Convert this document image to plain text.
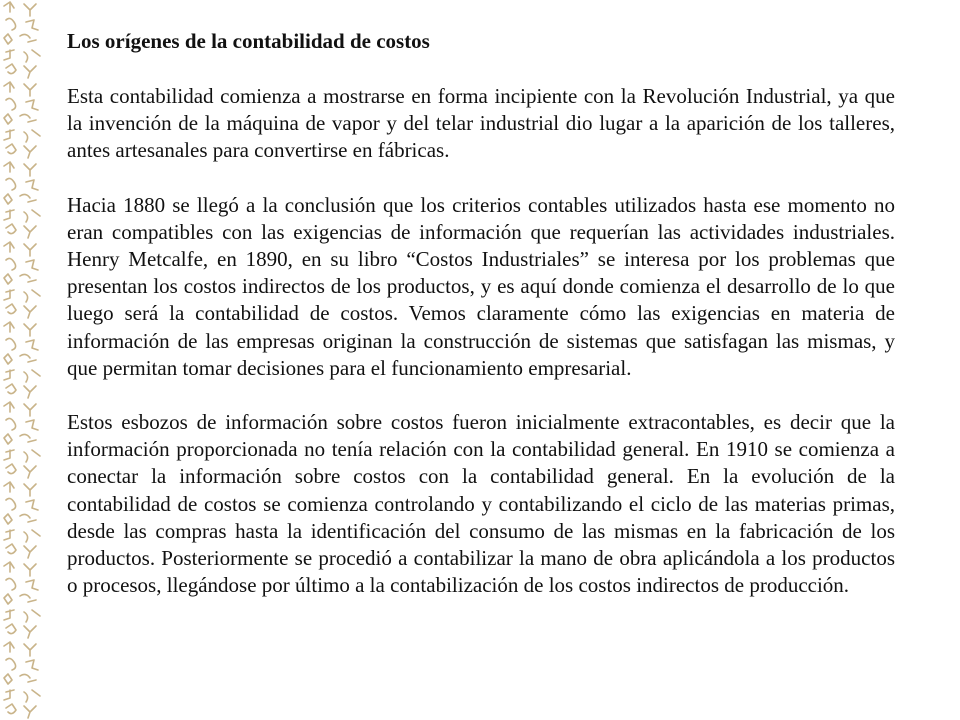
Los orígenes de la contabilidad de costos

Esta contabilidad comienza a mostrarse en forma incipiente con la Revolución Industrial, ya que la invención de la máquina de vapor y del telar industrial dio lugar a la aparición de los talleres, antes artesanales para convertirse en fábricas.

Hacia 1880 se llegó a la conclusión que los criterios contables utilizados hasta ese momento no eran compatibles con las exigencias de información que requerían las actividades industriales. Henry Metcalfe, en 1890, en su libro “Costos Industriales” se interesa por los problemas que presentan los costos indirectos de los productos, y es aquí donde comienza el desarrollo de lo que luego será la contabilidad de costos. Vemos claramente cómo las exigencias en materia de información de las empresas originan la construcción de sistemas que satisfagan las mismas, y que permitan tomar decisiones para el funcionamiento empresarial.

Estos esbozos de información sobre costos fueron inicialmente extracontables, es decir que la información proporcionada no tenía relación con la contabilidad general. En 1910 se comienza a conectar la información sobre costos con la contabilidad general. En la evolución de la contabilidad de costos se comienza controlando y contabilizando el ciclo de las materias primas, desde las compras hasta la identificación del consumo de las mismas en la fabricación de los productos. Posteriormente se procedió a contabilizar la mano de obra aplicándola a los productos o procesos, llegándose por último a la contabilización de los costos indirectos de producción.
